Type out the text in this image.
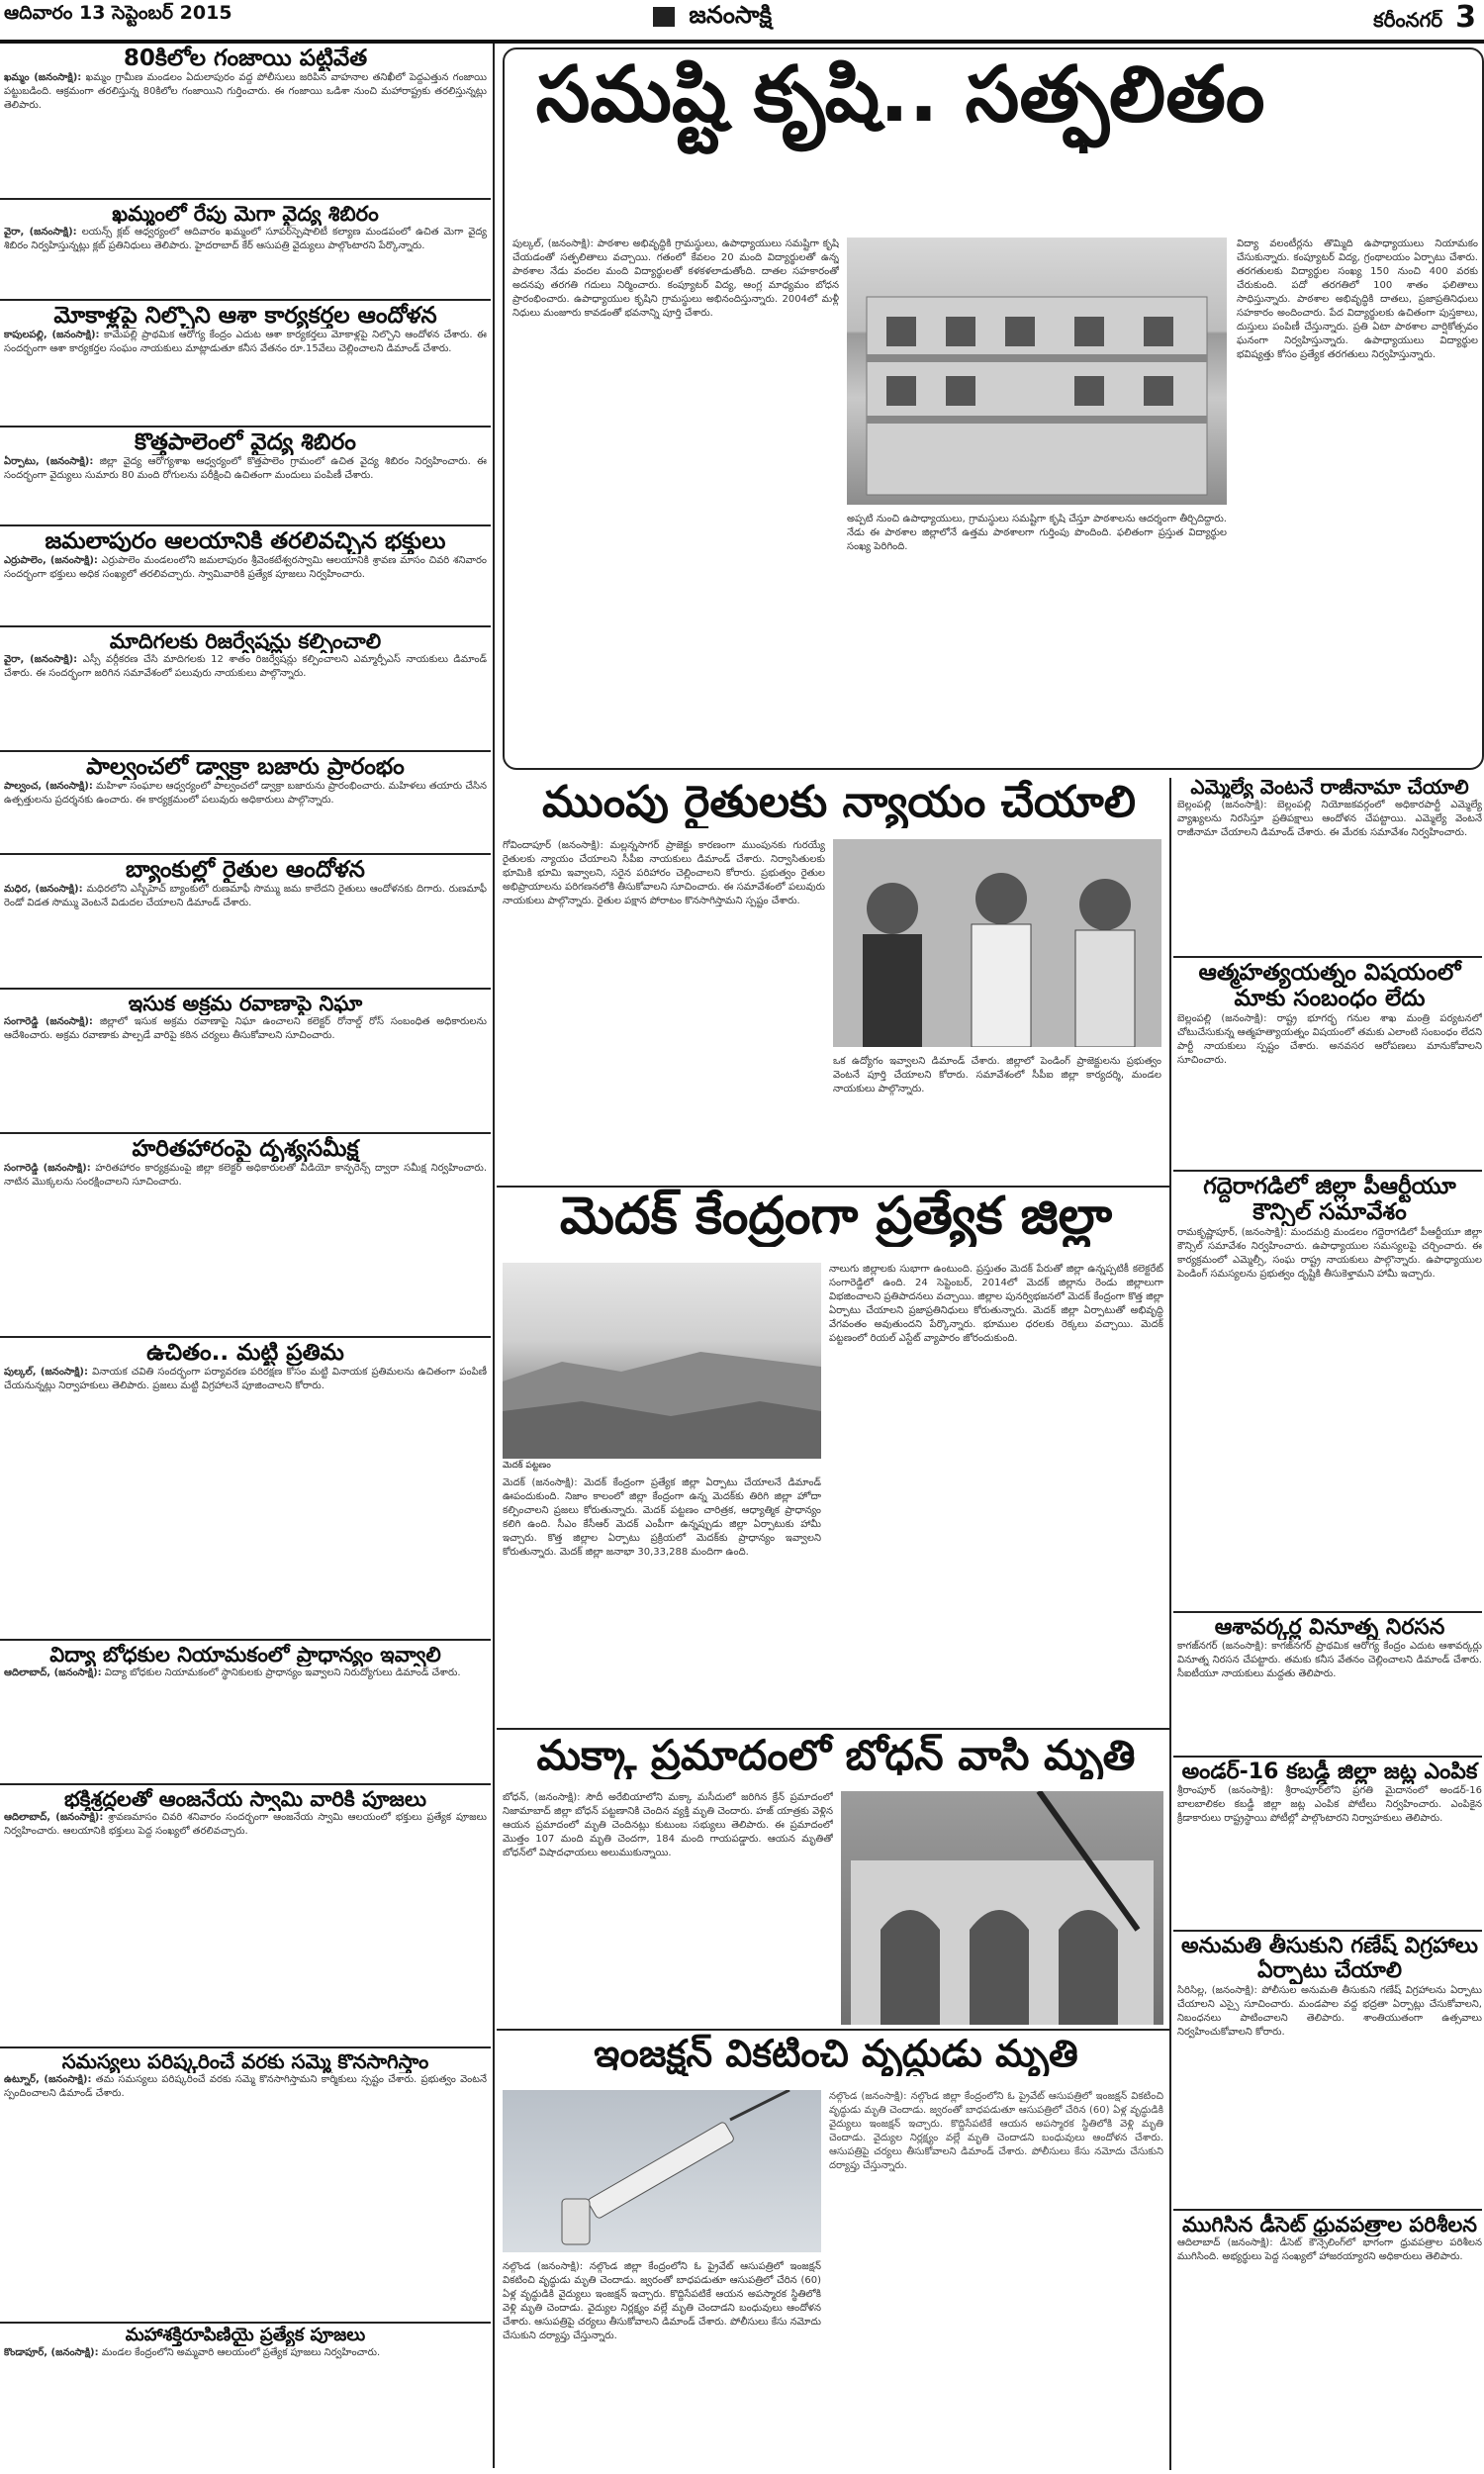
ఆదివారం 13 సెప్టెంబర్ 2015	జనంసాక్షి	కరీంనగర్ 3
80కిలోల గంజాయి పట్టివేత
ఖమ్మం (జనంసాక్షి): ఖమ్మం గ్రామీణ మండలం ఏదులాపురం వద్ద పోలీసులు జరిపిన వాహనాల తనిఖీలో పెద్దఎత్తున గంజాయి పట్టుబడింది. ఆక్రమంగా తరలిస్తున్న 80కిలోల గంజాయిని గుర్తించారు. ఈ గంజాయి ఒడిశా నుంచి మహారాష్ట్రకు తరలిస్తున్నట్లు తెలిపారు.
ఖమ్మంలో రేపు మెగా వైద్య శిబిరం
వైరా, (జనంసాక్షి): లయన్స్ క్లబ్ ఆధ్వర్యంలో ఆదివారం ఖమ్మంలో సూపర్‌స్పెషాలిటీ కల్యాణ మండపంలో ఉచిత మెగా వైద్య శిబిరం నిర్వహిస్తున్నట్లు క్లబ్ ప్రతినిధులు తెలిపారు. హైదరాబాద్ కేర్ ఆసుపత్రి వైద్యులు పాల్గొంటారని పేర్కొన్నారు.
మోకాళ్లపై నిల్చొని ఆశా కార్యకర్తల ఆందోళన
కాపులపల్లి, (జనంసాక్షి): కామేపల్లి ప్రాథమిక ఆరోగ్య కేంద్రం ఎదుట ఆశా కార్యకర్తలు మోకాళ్లపై నిల్చొని ఆందోళన చేశారు. ఈ సందర్భంగా ఆశా కార్యకర్తల సంఘం నాయకులు మాట్లాడుతూ కనీస వేతనం రూ.15వేలు చెల్లించాలని డిమాండ్ చేశారు.
కొత్తపాలెంలో వైద్య శిబిరం
ఏర్పాటు, (జనంసాక్షి): జిల్లా వైద్య ఆరోగ్యశాఖ ఆధ్వర్యంలో కొత్తపాలెం గ్రామంలో ఉచిత వైద్య శిబిరం నిర్వహించారు. ఈ సందర్భంగా వైద్యులు సుమారు 80 మంది రోగులను పరీక్షించి ఉచితంగా మందులు పంపిణీ చేశారు.
జమలాపురం ఆలయానికి తరలివచ్చిన భక్తులు
ఎర్రుపాలెం, (జనంసాక్షి): ఎర్రుపాలెం మండలంలోని జమలాపురం శ్రీవెంకటేశ్వరస్వామి ఆలయానికి శ్రావణ మాసం చివరి శనివారం సందర్భంగా భక్తులు అధిక సంఖ్యలో తరలివచ్చారు. స్వామివారికి ప్రత్యేక పూజలు నిర్వహించారు.
మాదిగలకు రిజర్వేషన్లు కల్పించాలి
వైరా, (జనంసాక్షి): ఎస్సీ వర్గీకరణ చేసి మాదిగలకు 12 శాతం రిజర్వేషన్లు కల్పించాలని ఎమ్మార్పీఎస్ నాయకులు డిమాండ్ చేశారు. ఈ సందర్భంగా జరిగిన సమావేశంలో పలువురు నాయకులు పాల్గొన్నారు.
పాల్వంచలో డ్వాక్రా బజారు ప్రారంభం
పాల్వంచ, (జనంసాక్షి): మహిళా సంఘాల ఆధ్వర్యంలో పాల్వంచలో డ్వాక్రా బజారును ప్రారంభించారు. మహిళలు తయారు చేసిన ఉత్పత్తులను ప్రదర్శనకు ఉంచారు. ఈ కార్యక్రమంలో పలువురు అధికారులు పాల్గొన్నారు.
బ్యాంకుల్లో రైతుల ఆందోళన
మధిర, (జనంసాక్షి): మధిరలోని ఎస్బీహెచ్ బ్యాంకులో రుణమాఫీ సొమ్ము జమ కాలేదని రైతులు ఆందోళనకు దిగారు. రుణమాఫీ రెండో విడత సొమ్ము వెంటనే విడుదల చేయాలని డిమాండ్ చేశారు.
ఇసుక అక్రమ రవాణాపై నిఘా
సంగారెడ్డి (జనంసాక్షి): జిల్లాలో ఇసుక అక్రమ రవాణాపై నిఘా ఉంచాలని కలెక్టర్ రోనాల్డ్ రోస్ సంబంధిత అధికారులను ఆదేశించారు. అక్రమ రవాణాకు పాల్పడే వారిపై కఠిన చర్యలు తీసుకోవాలని సూచించారు.
హరితహారంపై దృశ్యసమీక్ష
సంగారెడ్డి (జనంసాక్షి): హరితహారం కార్యక్రమంపై జిల్లా కలెక్టర్ అధికారులతో వీడియో కాన్ఫరెన్స్ ద్వారా సమీక్ష నిర్వహించారు. నాటిన మొక్కలను సంరక్షించాలని సూచించారు.
ఉచితం.. మట్టి ప్రతిమ
పుల్కల్, (జనంసాక్షి): వినాయక చవితి సందర్భంగా పర్యావరణ పరిరక్షణ కోసం మట్టి వినాయక ప్రతిమలను ఉచితంగా పంపిణీ చేయనున్నట్లు నిర్వాహకులు తెలిపారు. ప్రజలు మట్టి విగ్రహాలనే పూజించాలని కోరారు.
విద్యా బోధకుల నియామకంలో ప్రాధాన్యం ఇవ్వాలి
ఆదిలాబాద్, (జనంసాక్షి): విద్యా బోధకుల నియామకంలో స్థానికులకు ప్రాధాన్యం ఇవ్వాలని నిరుద్యోగులు డిమాండ్ చేశారు.
భక్తిశ్రద్ధలతో ఆంజనేయ స్వామి వారికి పూజలు
ఆదిలాబాద్, (జనంసాక్షి): శ్రావణమాసం చివరి శనివారం సందర్భంగా ఆంజనేయ స్వామి ఆలయంలో భక్తులు ప్రత్యేక పూజలు నిర్వహించారు. ఆలయానికి భక్తులు పెద్ద సంఖ్యలో తరలివచ్చారు.
సమస్యలు పరిష్కరించే వరకు సమ్మె కొనసాగిస్తాం
ఉట్నూర్, (జనంసాక్షి): తమ సమస్యలు పరిష్కరించే వరకు సమ్మె కొనసాగిస్తామని కార్మికులు స్పష్టం చేశారు. ప్రభుత్వం వెంటనే స్పందించాలని డిమాండ్ చేశారు.
మహాశక్తిరూపిణియై ప్రత్యేక పూజలు
కొండాపూర్, (జనంసాక్షి): మండల కేంద్రంలోని అమ్మవారి ఆలయంలో ప్రత్యేక పూజలు నిర్వహించారు.
సమష్టి కృషి.. సత్ఫలితం
పుల్కల్, (జనంసాక్షి): పాఠశాల అభివృద్ధికి గ్రామస్థులు, ఉపాధ్యాయులు సమష్టిగా కృషి చేయడంతో సత్ఫలితాలు వచ్చాయి. గతంలో కేవలం 20 మంది విద్యార్థులతో ఉన్న పాఠశాల నేడు వందల మంది విద్యార్థులతో కళకళలాడుతోంది. దాతల సహకారంతో అదనపు తరగతి గదులు నిర్మించారు. కంప్యూటర్ విద్య, ఆంగ్ల మాధ్యమం బోధన ప్రారంభించారు. ఉపాధ్యాయుల కృషిని గ్రామస్థులు అభినందిస్తున్నారు. 2004లో మళ్లీ నిధులు మంజూరు కావడంతో భవనాన్ని పూర్తి చేశారు.
అప్పటి నుంచి ఉపాధ్యాయులు, గ్రామస్థులు సమష్టిగా కృషి చేస్తూ పాఠశాలను ఆదర్శంగా తీర్చిదిద్దారు. నేడు ఈ పాఠశాల జిల్లాలోనే ఉత్తమ పాఠశాలగా గుర్తింపు పొందింది. ఫలితంగా ప్రస్తుత విద్యార్థుల సంఖ్య పెరిగింది.
విద్యా వలంటీర్లను తొమ్మిది ఉపాధ్యాయులు నియామకం చేసుకున్నారు. కంప్యూటర్ విద్య, గ్రంథాలయం ఏర్పాటు చేశారు. తరగతులకు విద్యార్థుల సంఖ్య 150 నుంచి 400 వరకు చేరుకుంది. పదో తరగతిలో 100 శాతం ఫలితాలు సాధిస్తున్నారు. పాఠశాల అభివృద్ధికి దాతలు, ప్రజాప్రతినిధులు సహకారం అందించారు. పేద విద్యార్థులకు ఉచితంగా పుస్తకాలు, దుస్తులు పంపిణీ చేస్తున్నారు. ప్రతి ఏటా పాఠశాల వార్షికోత్సవం ఘనంగా నిర్వహిస్తున్నారు. ఉపాధ్యాయులు విద్యార్థుల భవిష్యత్తు కోసం ప్రత్యేక తరగతులు నిర్వహిస్తున్నారు.
ముంపు రైతులకు న్యాయం చేయాలి
గోవిందాపూర్ (జనంసాక్షి): మల్లన్నసాగర్ ప్రాజెక్టు కారణంగా ముంపునకు గురయ్యే రైతులకు న్యాయం చేయాలని సీపీఐ నాయకులు డిమాండ్ చేశారు. నిర్వాసితులకు భూమికి భూమి ఇవ్వాలని, సరైన పరిహారం చెల్లించాలని కోరారు. ప్రభుత్వం రైతుల అభిప్రాయాలను పరిగణనలోకి తీసుకోవాలని సూచించారు. ఈ సమావేశంలో పలువురు నాయకులు పాల్గొన్నారు. రైతుల పక్షాన పోరాటం కొనసాగిస్తామని స్పష్టం చేశారు.
ఒక ఉద్యోగం ఇవ్వాలని డిమాండ్ చేశారు. జిల్లాలో పెండింగ్ ప్రాజెక్టులను ప్రభుత్వం వెంటనే పూర్తి చేయాలని కోరారు. సమావేశంలో సీపీఐ జిల్లా కార్యదర్శి, మండల నాయకులు పాల్గొన్నారు.
ఎమ్మెల్యే వెంటనే రాజీనామా చేయాలి
బెల్లంపల్లి (జనంసాక్షి): బెల్లంపల్లి నియోజకవర్గంలో అధికారపార్టీ ఎమ్మెల్యే వ్యాఖ్యలను నిరసిస్తూ ప్రతిపక్షాలు ఆందోళన చేపట్టాయి. ఎమ్మెల్యే వెంటనే రాజీనామా చేయాలని డిమాండ్ చేశారు. ఈ మేరకు సమావేశం నిర్వహించారు.
ఆత్మహత్యయత్నం విషయంలో మాకు సంబంధం లేదు
బెల్లంపల్లి (జనంసాక్షి): రాష్ట్ర భూగర్భ గనుల శాఖ మంత్రి పర్యటనలో చోటుచేసుకున్న ఆత్మహత్యాయత్నం విషయంలో తమకు ఎలాంటి సంబంధం లేదని పార్టీ నాయకులు స్పష్టం చేశారు. అనవసర ఆరోపణలు మానుకోవాలని సూచించారు.
గద్దెరాగడిలో జిల్లా పీఆర్టీయూ కౌన్సిల్ సమావేశం
రామకృష్ణాపూర్, (జనంసాక్షి): మందమర్రి మండలం గద్దెరాగడిలో పీఆర్టీయూ జిల్లా కౌన్సిల్ సమావేశం నిర్వహించారు. ఉపాధ్యాయుల సమస్యలపై చర్చించారు. ఈ కార్యక్రమంలో ఎమ్మెల్సీ, సంఘ రాష్ట్ర నాయకులు పాల్గొన్నారు. ఉపాధ్యాయుల పెండింగ్ సమస్యలను ప్రభుత్వం దృష్టికి తీసుకెళ్తామని హామీ ఇచ్చారు.
ఆశావర్కర్ల వినూత్న నిరసన
కాగజ్‌నగర్ (జనంసాక్షి): కాగజ్‌నగర్ ప్రాథమిక ఆరోగ్య కేంద్రం ఎదుట ఆశావర్కర్లు వినూత్న నిరసన చేపట్టారు. తమకు కనీస వేతనం చెల్లించాలని డిమాండ్ చేశారు. సీఐటీయూ నాయకులు మద్దతు తెలిపారు.
అండర్-16 కబడ్డీ జిల్లా జట్ల ఎంపిక
శ్రీరాంపూర్ (జనంసాక్షి): శ్రీరాంపూర్‌లోని ప్రగతి మైదానంలో అండర్-16 బాలబాలికల కబడ్డీ జిల్లా జట్ల ఎంపిక పోటీలు నిర్వహించారు. ఎంపికైన క్రీడాకారులు రాష్ట్రస్థాయి పోటీల్లో పాల్గొంటారని నిర్వాహకులు తెలిపారు.
అనుమతి తీసుకుని గణేష్ విగ్రహాలు ఏర్పాటు చేయాలి
సిరిసిల్ల, (జనంసాక్షి): పోలీసుల అనుమతి తీసుకుని గణేష్ విగ్రహాలను ఏర్పాటు చేయాలని ఎస్సై సూచించారు. మండపాల వద్ద భద్రతా ఏర్పాట్లు చేసుకోవాలని, నిబంధనలు పాటించాలని తెలిపారు. శాంతియుతంగా ఉత్సవాలు నిర్వహించుకోవాలని కోరారు.
ముగిసిన డీసెట్ ధ్రువపత్రాల పరిశీలన
ఆదిలాబాద్ (జనంసాక్షి): డీసెట్ కౌన్సెలింగ్‌లో భాగంగా ధ్రువపత్రాల పరిశీలన ముగిసింది. అభ్యర్థులు పెద్ద సంఖ్యలో హాజరయ్యారని అధికారులు తెలిపారు.
మెదక్ కేంద్రంగా ప్రత్యేక జిల్లా
మెదక్ పట్టణం
మెదక్ (జనంసాక్షి): మెదక్ కేంద్రంగా ప్రత్యేక జిల్లా ఏర్పాటు చేయాలనే డిమాండ్ ఊపందుకుంది. నిజాం కాలంలో జిల్లా కేంద్రంగా ఉన్న మెదక్‌కు తిరిగి జిల్లా హోదా కల్పించాలని ప్రజలు కోరుతున్నారు. మెదక్ పట్టణం చారిత్రక, ఆధ్యాత్మిక ప్రాధాన్యం కలిగి ఉంది. సీఎం కేసీఆర్ మెదక్ ఎంపీగా ఉన్నప్పుడు జిల్లా ఏర్పాటుకు హామీ ఇచ్చారు. కొత్త జిల్లాల ఏర్పాటు ప్రక్రియలో మెదక్‌కు ప్రాధాన్యం ఇవ్వాలని కోరుతున్నారు. మెదక్ జిల్లా జనాభా 30,33,288 మందిగా ఉంది.
నాలుగు జిల్లాలకు సుభాగా ఉంటుంది. ప్రస్తుతం మెదక్ పేరుతో జిల్లా ఉన్నప్పటికీ కలెక్టరేట్ సంగారెడ్డిలో ఉంది. 24 సెప్టెంబర్, 2014లో మెదక్ జిల్లాను రెండు జిల్లాలుగా విభజించాలని ప్రతిపాదనలు వచ్చాయి. జిల్లాల పునర్విభజనలో మెదక్ కేంద్రంగా కొత్త జిల్లా ఏర్పాటు చేయాలని ప్రజాప్రతినిధులు కోరుతున్నారు. మెదక్ జిల్లా ఏర్పాటుతో అభివృద్ధి వేగవంతం అవుతుందని పేర్కొన్నారు. భూముల ధరలకు రెక్కలు వచ్చాయి. మెదక్ పట్టణంలో రియల్ ఎస్టేట్ వ్యాపారం జోరందుకుంది.
మక్కా ప్రమాదంలో బోధన్ వాసి మృతి
బోధన్, (జనంసాక్షి): సౌదీ అరేబియాలోని మక్కా మసీదులో జరిగిన క్రేన్ ప్రమాదంలో నిజామాబాద్ జిల్లా బోధన్ పట్టణానికి చెందిన వ్యక్తి మృతి చెందారు. హజ్ యాత్రకు వెళ్లిన ఆయన ప్రమాదంలో మృతి చెందినట్లు కుటుంబ సభ్యులు తెలిపారు. ఈ ప్రమాదంలో మొత్తం 107 మంది మృతి చెందగా, 184 మంది గాయపడ్డారు. ఆయన మృతితో బోధన్‌లో విషాదఛాయలు అలుముకున్నాయి.
ఇంజక్షన్ వికటించి వృద్ధుడు మృతి
నల్గొండ (జనంసాక్షి): నల్గొండ జిల్లా కేంద్రంలోని ఓ ప్రైవేట్ ఆసుపత్రిలో ఇంజక్షన్ వికటించి వృద్ధుడు మృతి చెందాడు. జ్వరంతో బాధపడుతూ ఆసుపత్రిలో చేరిన (60) ఏళ్ల వృద్ధుడికి వైద్యులు ఇంజక్షన్ ఇచ్చారు. కొద్దిసేపటికే ఆయన అపస్మారక స్థితిలోకి వెళ్లి మృతి చెందాడు. వైద్యుల నిర్లక్ష్యం వల్లే మృతి చెందాడని బంధువులు ఆందోళన చేశారు. ఆసుపత్రిపై చర్యలు తీసుకోవాలని డిమాండ్ చేశారు. పోలీసులు కేసు నమోదు చేసుకుని దర్యాప్తు చేస్తున్నారు.
నల్గొండ (జనంసాక్షి): నల్గొండ జిల్లా కేంద్రంలోని ఓ ప్రైవేట్ ఆసుపత్రిలో ఇంజక్షన్ వికటించి వృద్ధుడు మృతి చెందాడు. జ్వరంతో బాధపడుతూ ఆసుపత్రిలో చేరిన (60) ఏళ్ల వృద్ధుడికి వైద్యులు ఇంజక్షన్ ఇచ్చారు. కొద్దిసేపటికే ఆయన అపస్మారక స్థితిలోకి వెళ్లి మృతి చెందాడు. వైద్యుల నిర్లక్ష్యం వల్లే మృతి చెందాడని బంధువులు ఆందోళన చేశారు. ఆసుపత్రిపై చర్యలు తీసుకోవాలని డిమాండ్ చేశారు. పోలీసులు కేసు నమోదు చేసుకుని దర్యాప్తు చేస్తున్నారు.
